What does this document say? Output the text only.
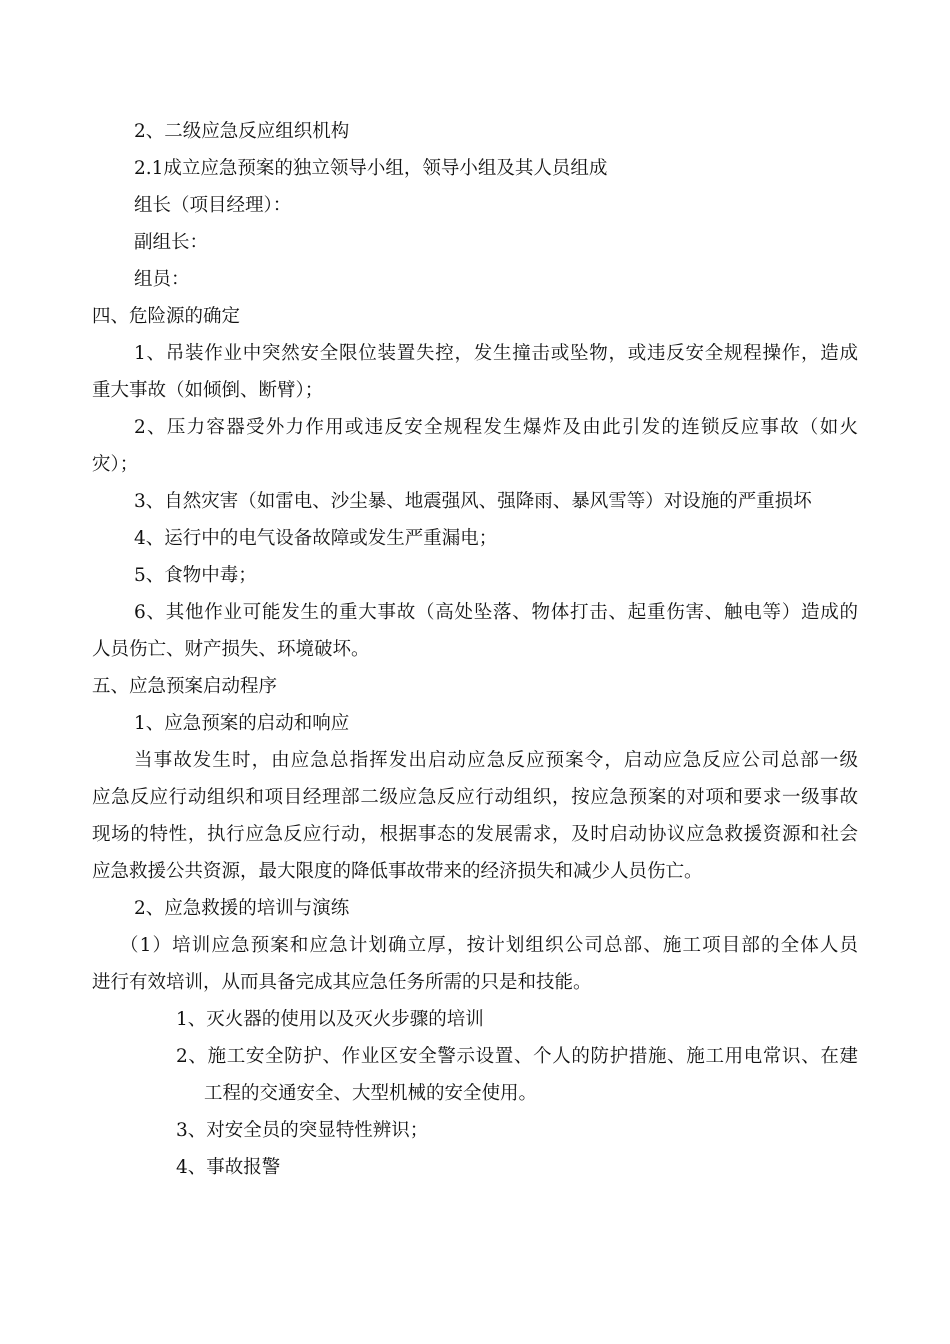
2、二级应急反应组织机构
2.1成立应急预案的独立领导小组，领导小组及其人员组成
组长（项目经理）：
副组长：
组员：
四、危险源的确定
1、吊装作业中突然安全限位装置失控，发生撞击或坠物，或违反安全规程操作，造成
重大事故（如倾倒、断臂）；
2、压力容器受外力作用或违反安全规程发生爆炸及由此引发的连锁反应事故（如火
灾）；
3、自然灾害（如雷电、沙尘暴、地震强风、强降雨、暴风雪等）对设施的严重损坏
4、运行中的电气设备故障或发生严重漏电；
5、食物中毒；
6、其他作业可能发生的重大事故（高处坠落、物体打击、起重伤害、触电等）造成的
人员伤亡、财产损失、环境破坏。
五、应急预案启动程序
1、应急预案的启动和响应
当事故发生时，由应急总指挥发出启动应急反应预案令，启动应急反应公司总部一级
应急反应行动组织和项目经理部二级应急反应行动组织，按应急预案的对项和要求一级事故
现场的特性，执行应急反应行动，根据事态的发展需求，及时启动协议应急救援资源和社会
应急救援公共资源，最大限度的降低事故带来的经济损失和减少人员伤亡。
2、应急救援的培训与演练
（1）培训应急预案和应急计划确立厚，按计划组织公司总部、施工项目部的全体人员
进行有效培训，从而具备完成其应急任务所需的只是和技能。
1、灭火器的使用以及灭火步骤的培训
2、施工安全防护、作业区安全警示设置、个人的防护措施、施工用电常识、在建
工程的交通安全、大型机械的安全使用。
3、对安全员的突显特性辨识；
4、事故报警
